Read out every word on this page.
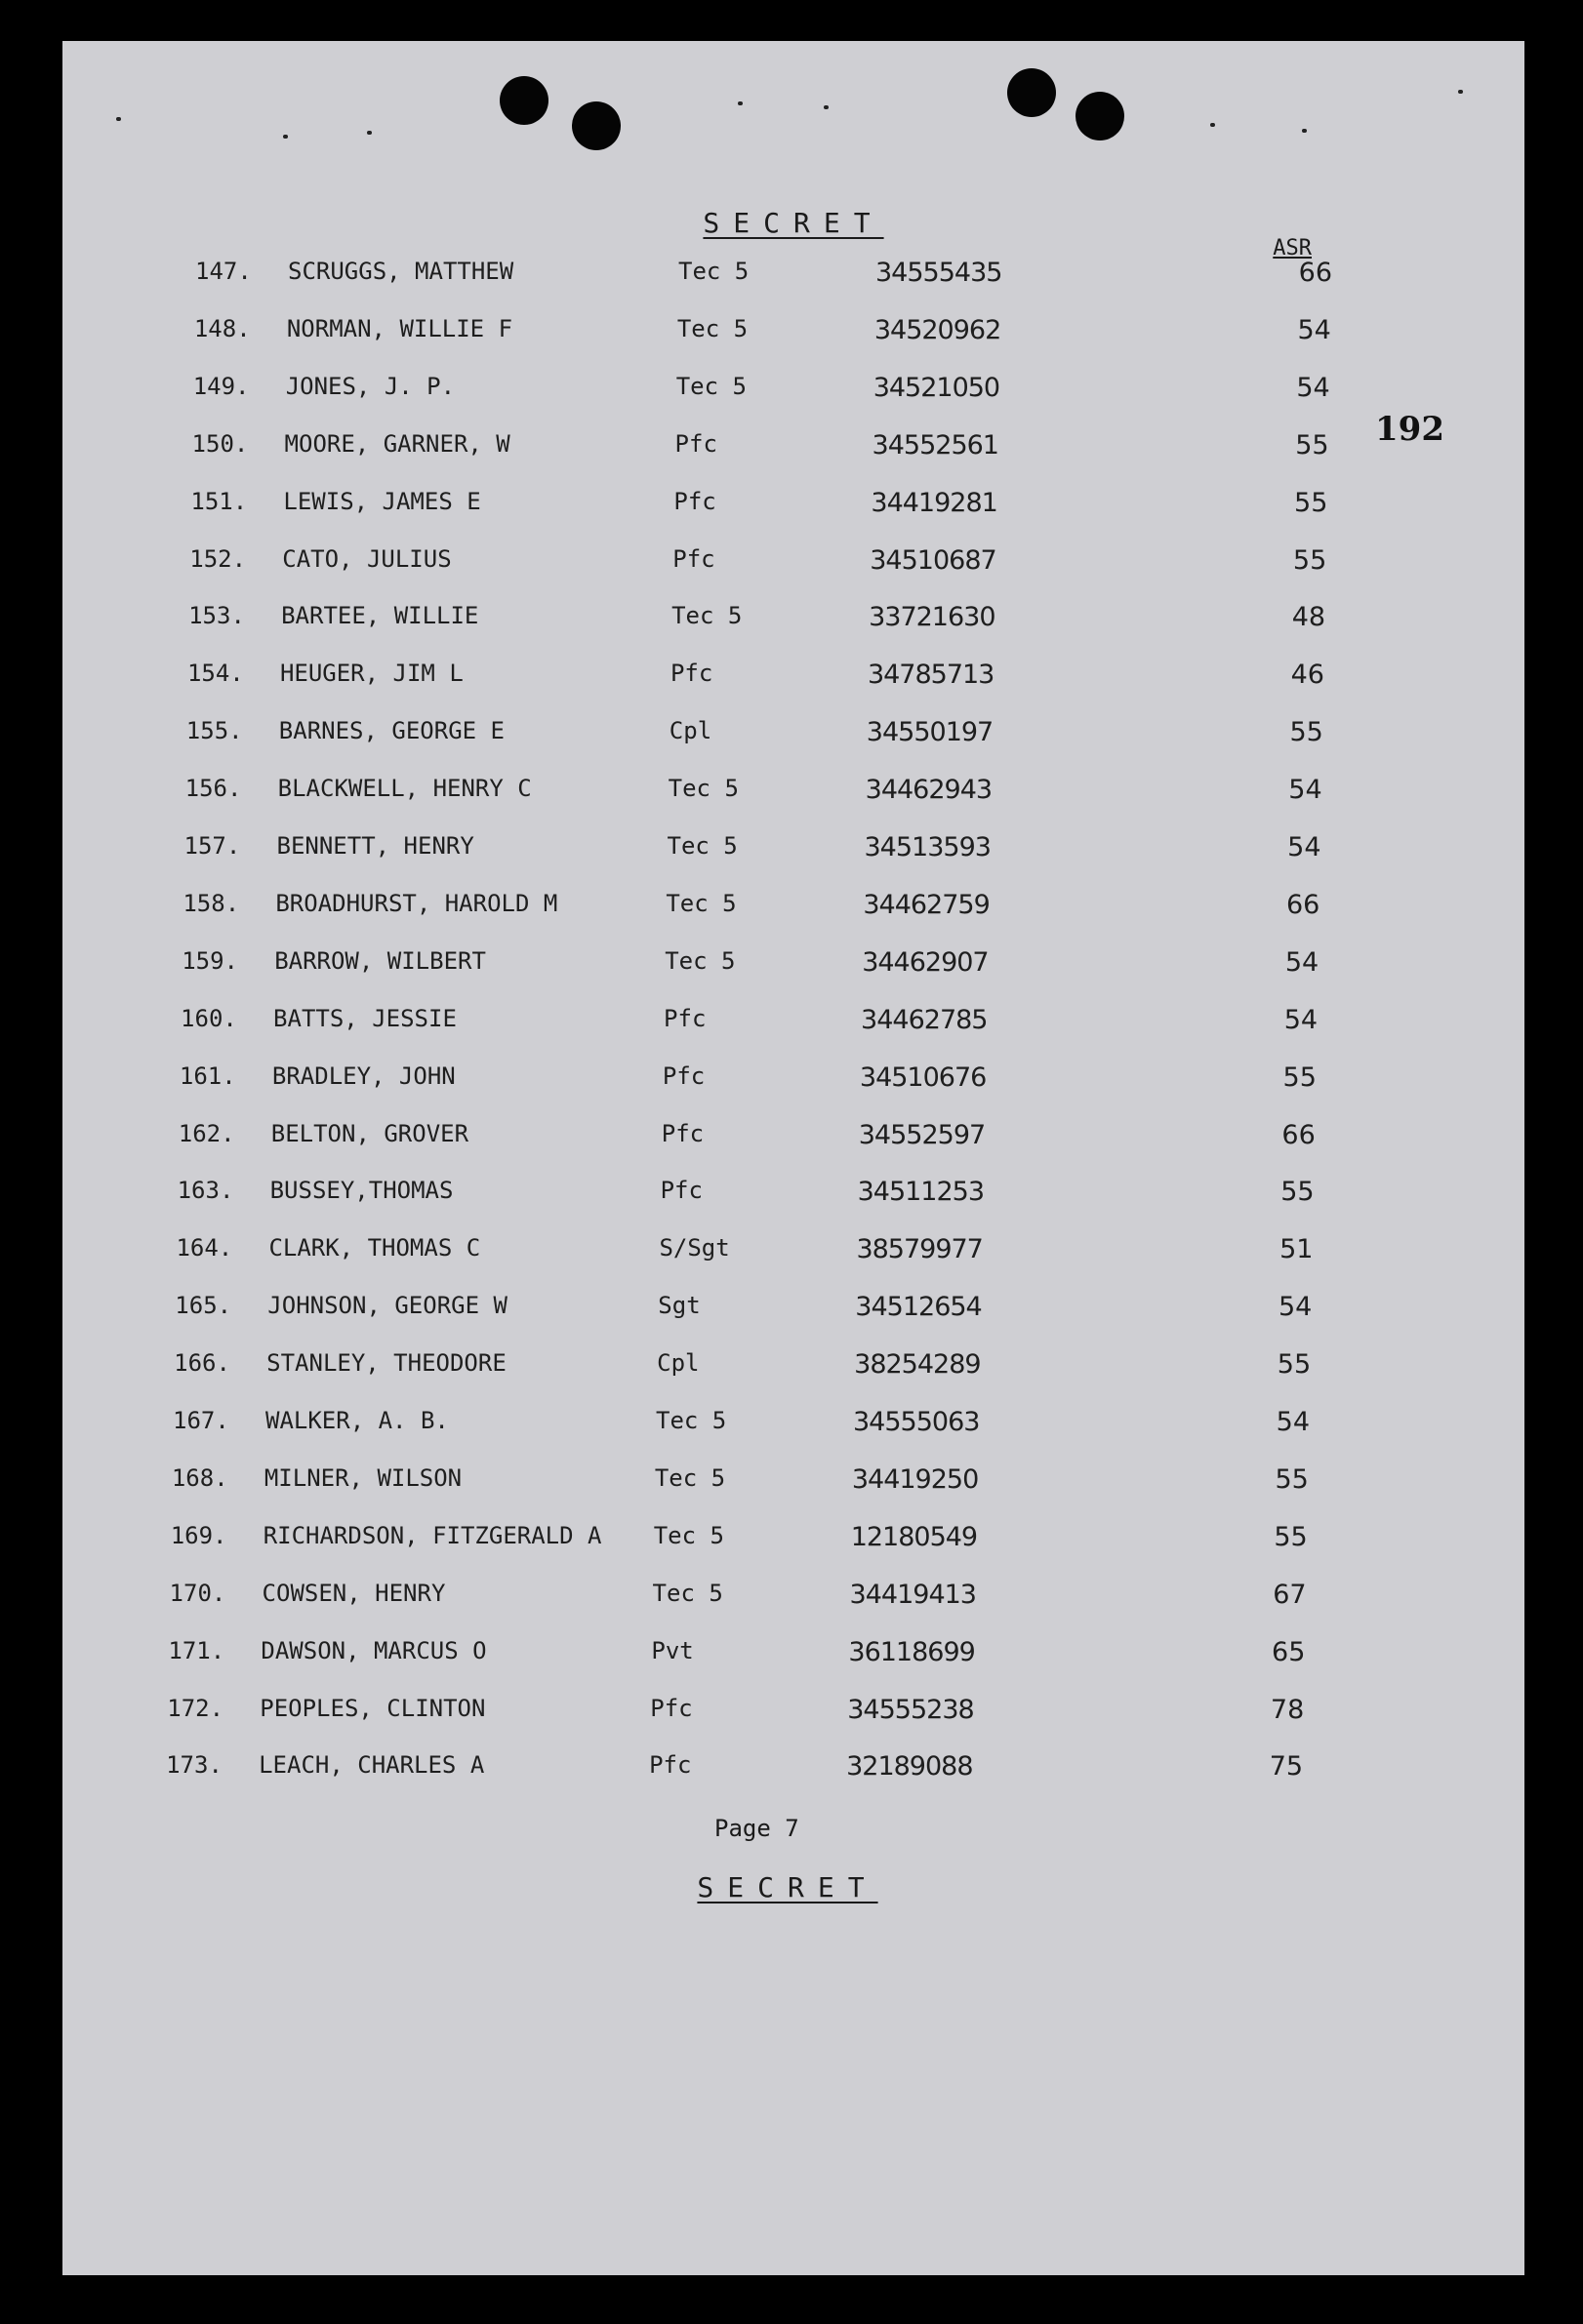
SECRET
ASR
192
147.	SCRUGGS, MATTHEW	Tec 5	34555435	66
148.	NORMAN, WILLIE F	Tec 5	34520962	54
149.	JONES, J. P.	Tec 5	34521050	54
150.	MOORE, GARNER, W	Pfc	34552561	55
151.	LEWIS, JAMES E	Pfc	34419281	55
152.	CATO, JULIUS	Pfc	34510687	55
153.	BARTEE, WILLIE	Tec 5	33721630	48
154.	HEUGER, JIM L	Pfc	34785713	46
155.	BARNES, GEORGE E	Cpl	34550197	55
156.	BLACKWELL, HENRY C	Tec 5	34462943	54
157.	BENNETT, HENRY	Tec 5	34513593	54
158.	BROADHURST, HAROLD M	Tec 5	34462759	66
159.	BARROW, WILBERT	Tec 5	34462907	54
160.	BATTS, JESSIE	Pfc	34462785	54
161.	BRADLEY, JOHN	Pfc	34510676	55
162.	BELTON, GROVER	Pfc	34552597	66
163.	BUSSEY,THOMAS	Pfc	34511253	55
164.	CLARK, THOMAS C	S/Sgt	38579977	51
165.	JOHNSON, GEORGE W	Sgt	34512654	54
166.	STANLEY, THEODORE	Cpl	38254289	55
167.	WALKER, A. B.	Tec 5	34555063	54
168.	MILNER, WILSON	Tec 5	34419250	55
169.	RICHARDSON, FITZGERALD A	Tec 5	12180549	55
170.	COWSEN, HENRY	Tec 5	34419413	67
171.	DAWSON, MARCUS O	Pvt	36118699	65
172.	PEOPLES, CLINTON	Pfc	34555238	78
173.	LEACH, CHARLES A	Pfc	32189088	75
Page 7
SECRET
